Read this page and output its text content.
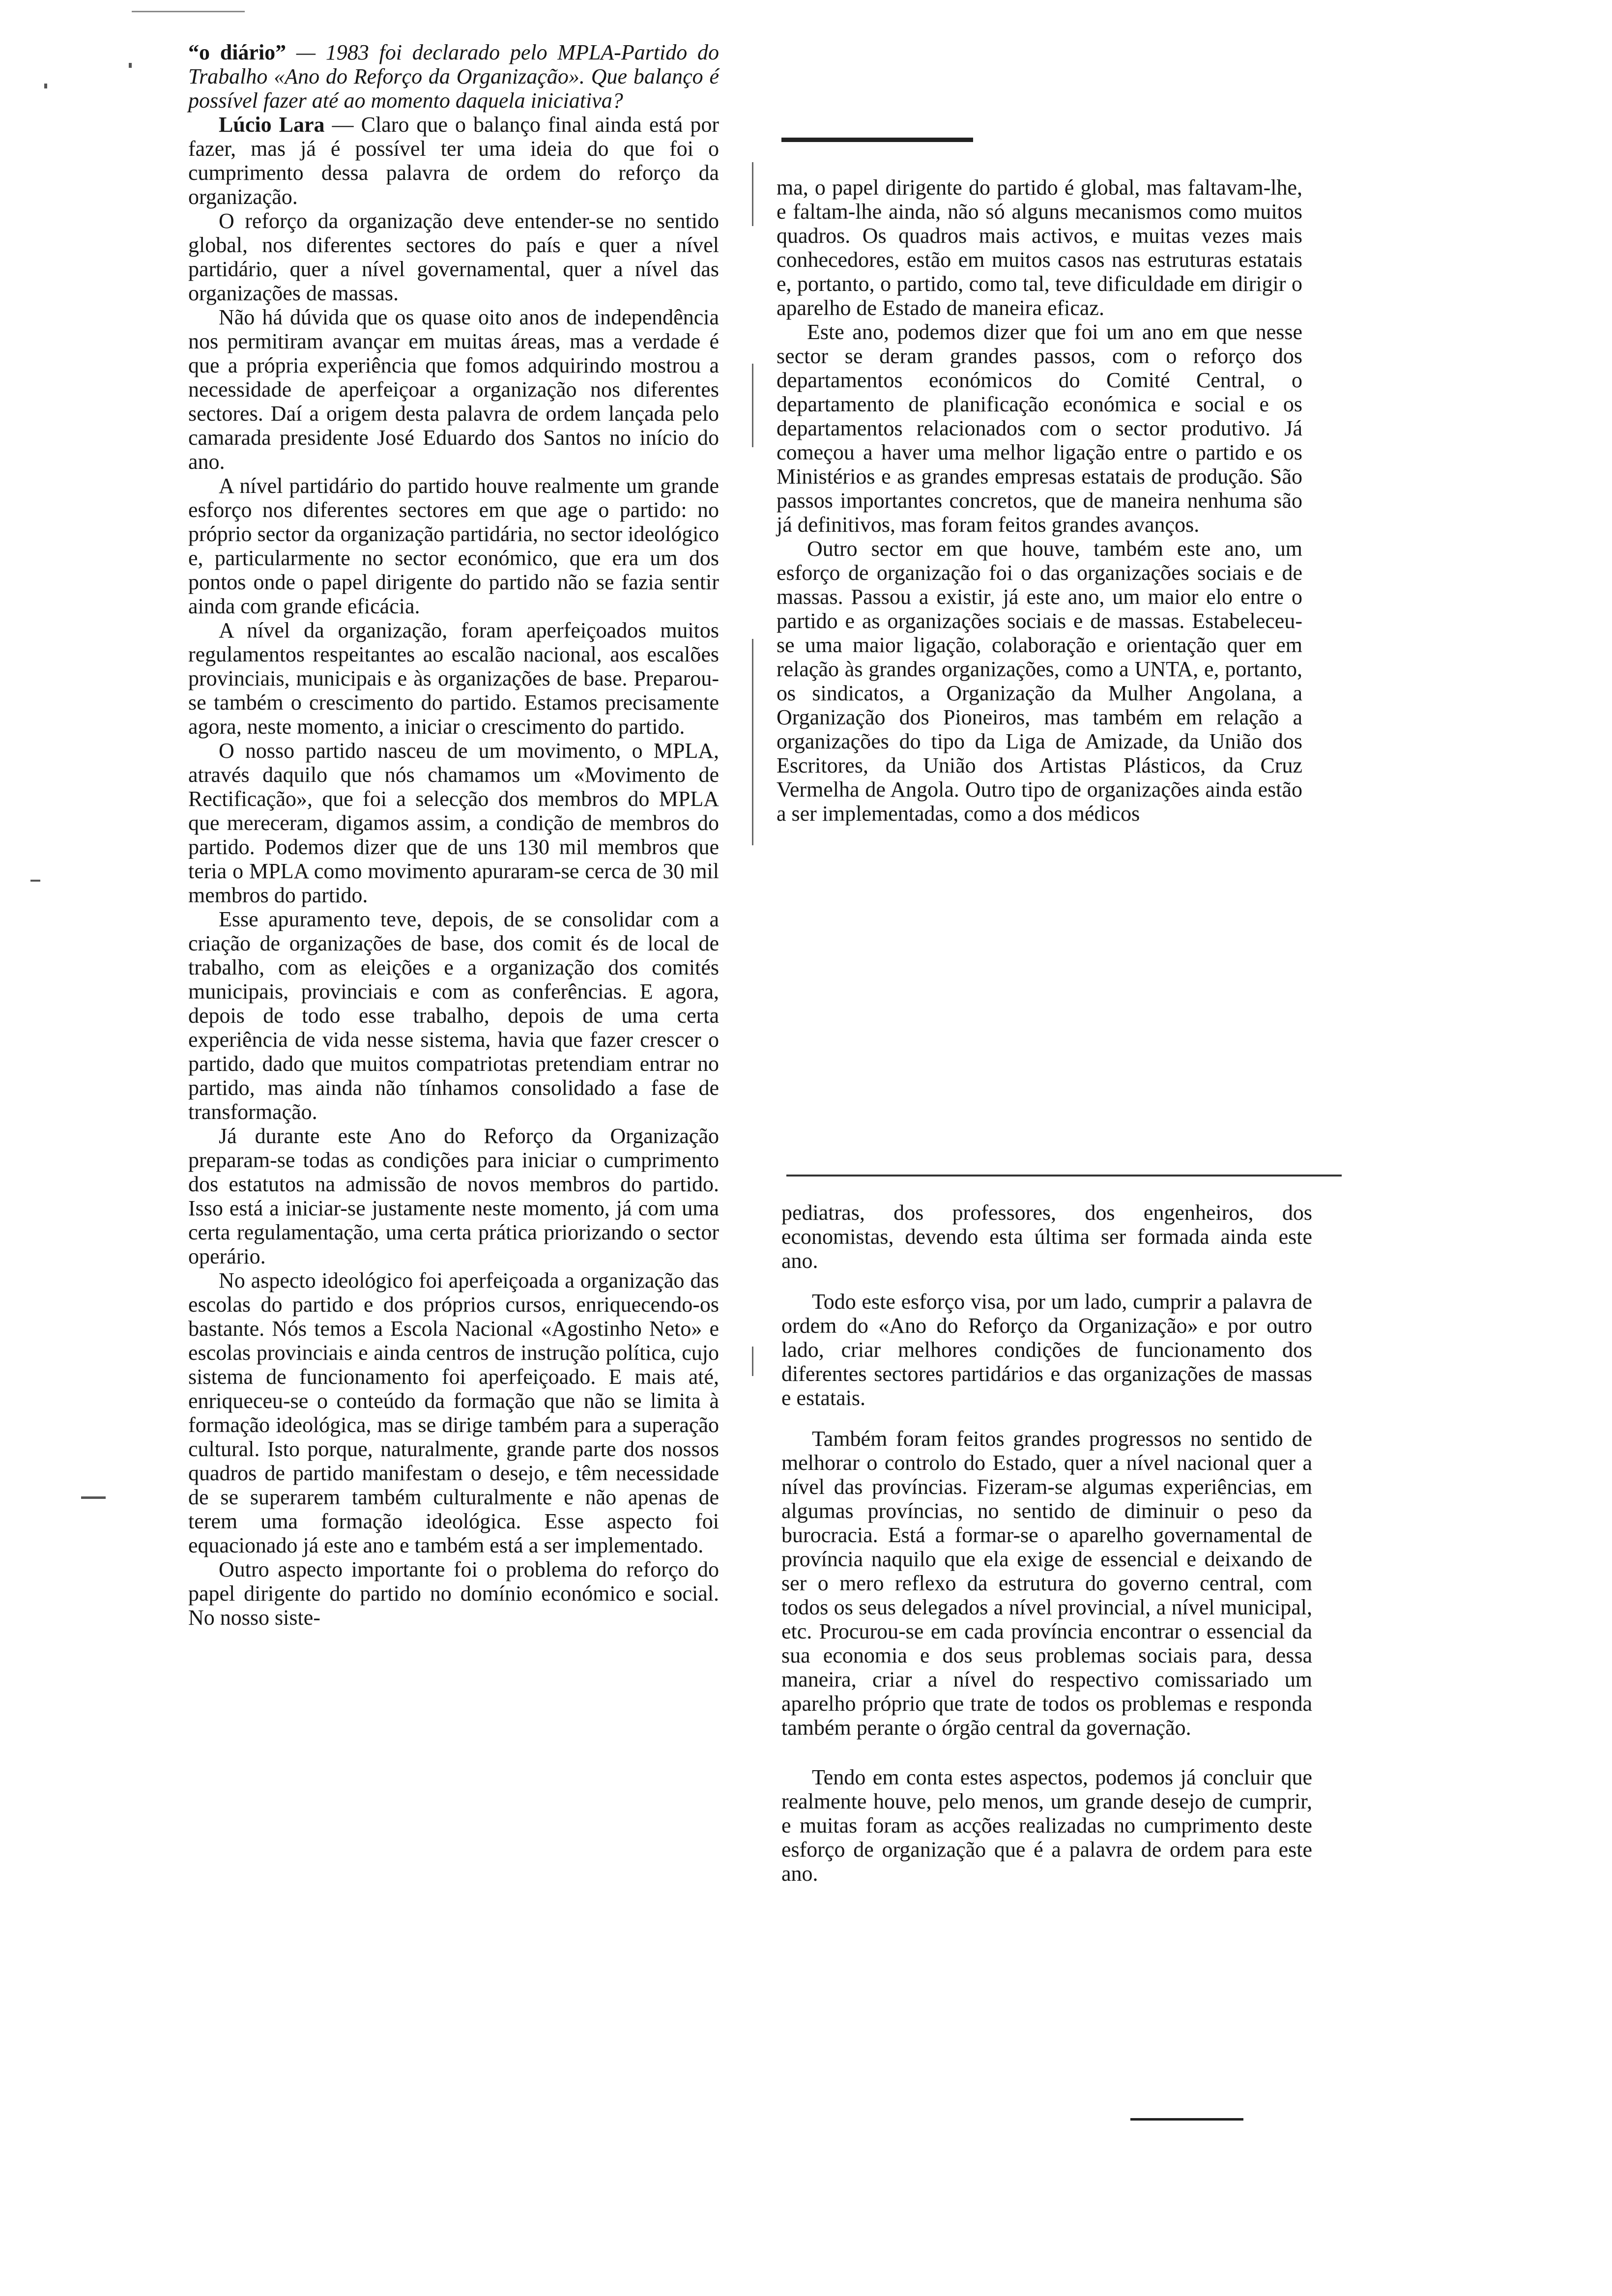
“o diário” — 1983 foi declarado pelo MPLA-Partido do Trabalho «Ano do Reforço da Organização». Que balanço é possível fazer até ao momento daquela iniciativa?

Lúcio Lara — Claro que o balanço final ainda está por fazer, mas já é possível ter uma ideia do que foi o cumprimento dessa palavra de ordem do reforço da organização.

O reforço da organização deve entender-se no sentido global, nos diferentes sectores do país e quer a nível partidário, quer a nível governamental, quer a nível das organizações de massas.

Não há dúvida que os quase oito anos de independência nos permitiram avançar em muitas áreas, mas a verdade é que a própria experiência que fomos adquirindo mostrou a necessidade de aperfeiçoar a organização nos diferentes sectores. Daí a origem desta palavra de ordem lançada pelo camarada presidente José Eduardo dos Santos no início do ano.

A nível partidário do partido houve realmente um grande esforço nos diferentes sectores em que age o partido: no próprio sector da organização partidária, no sector ideológico e, particularmente no sector económico, que era um dos pontos onde o papel dirigente do partido não se fazia sentir ainda com grande eficácia.

A nível da organização, foram aperfeiçoados muitos regulamentos respeitantes ao escalão nacional, aos escalões provinciais, municipais e às organizações de base. Preparou-se também o crescimento do partido. Estamos precisamente agora, neste momento, a iniciar o crescimento do partido.

O nosso partido nasceu de um movimento, o MPLA, através daquilo que nós chamamos um «Movimento de Rectificação», que foi a selecção dos membros do MPLA que mereceram, digamos assim, a condição de membros do partido. Podemos dizer que de uns 130 mil membros que teria o MPLA como movimento apuraram-se cerca de 30 mil membros do partido.

Esse apuramento teve, depois, de se consolidar com a criação de organizações de base, dos comit és de local de trabalho, com as eleições e a organização dos comités municipais, provinciais e com as conferências. E agora, depois de todo esse trabalho, depois de uma certa experiência de vida nesse sistema, havia que fazer crescer o partido, dado que muitos compatriotas pretendiam entrar no partido, mas ainda não tínhamos consolidado a fase de transformação.

Já durante este Ano do Reforço da Organização preparam-se todas as condições para iniciar o cumprimento dos estatutos na admissão de novos membros do partido. Isso está a iniciar-se justamente neste momento, já com uma certa regulamentação, uma certa prática priorizando o sector operário.

No aspecto ideológico foi aperfeiçoada a organização das escolas do partido e dos próprios cursos, enriquecendo-os bastante. Nós temos a Escola Nacional «Agostinho Neto» e escolas provinciais e ainda centros de instrução política, cujo sistema de funcionamento foi aperfeiçoado. E mais até, enriqueceu-se o conteúdo da formação que não se limita à formação ideológica, mas se dirige também para a superação cultural. Isto porque, naturalmente, grande parte dos nossos quadros de partido manifestam o desejo, e têm necessidade de se superarem também culturalmente e não apenas de terem uma formação ideológica. Esse aspecto foi equacionado já este ano e também está a ser implementado.

Outro aspecto importante foi o problema do reforço do papel dirigente do partido no domínio económico e social. No nosso siste-

ma, o papel dirigente do partido é global, mas faltavam-lhe, e faltam-lhe ainda, não só alguns mecanismos como muitos quadros. Os quadros mais activos, e muitas vezes mais conhecedores, estão em muitos casos nas estruturas estatais e, portanto, o partido, como tal, teve dificuldade em dirigir o aparelho de Estado de maneira eficaz.

Este ano, podemos dizer que foi um ano em que nesse sector se deram grandes passos, com o reforço dos departamentos económicos do Comité Central, o departamento de planificação económica e social e os departamentos relacionados com o sector produtivo. Já começou a haver uma melhor ligação entre o partido e os Ministérios e as grandes empresas estatais de produção. São passos importantes concretos, que de maneira nenhuma são já definitivos, mas foram feitos grandes avanços.

Outro sector em que houve, também este ano, um esforço de organização foi o das organizações sociais e de massas. Passou a existir, já este ano, um maior elo entre o partido e as organizações sociais e de massas. Estabeleceu-se uma maior ligação, colaboração e orientação quer em relação às grandes organizações, como a UNTA, e, portanto, os sindicatos, a Organização da Mulher Angolana, a Organização dos Pioneiros, mas também em relação a organizações do tipo da Liga de Amizade, da União dos Escritores, da União dos Artistas Plásticos, da Cruz Vermelha de Angola. Outro tipo de organizações ainda estão a ser implementadas, como a dos médicos

pediatras, dos professores, dos engenheiros, dos economistas, devendo esta última ser formada ainda este ano.

Todo este esforço visa, por um lado, cumprir a palavra de ordem do «Ano do Reforço da Organização» e por outro lado, criar melhores condições de funcionamento dos diferentes sectores partidários e das organizações de massas e estatais.

Também foram feitos grandes progressos no sentido de melhorar o controlo do Estado, quer a nível nacional quer a nível das províncias. Fizeram-se algumas experiências, em algumas províncias, no sentido de diminuir o peso da burocracia. Está a formar-se o aparelho governamental de província naquilo que ela exige de essencial e deixando de ser o mero reflexo da estrutura do governo central, com todos os seus delegados a nível provincial, a nível municipal, etc. Procurou-se em cada província encontrar o essencial da sua economia e dos seus problemas sociais para, dessa maneira, criar a nível do respectivo comissariado um aparelho próprio que trate de todos os problemas e responda também perante o órgão central da governação.

Tendo em conta estes aspectos, podemos já concluir que realmente houve, pelo menos, um grande desejo de cumprir, e muitas foram as acções realizadas no cumprimento deste esforço de organização que é a palavra de ordem para este ano.
